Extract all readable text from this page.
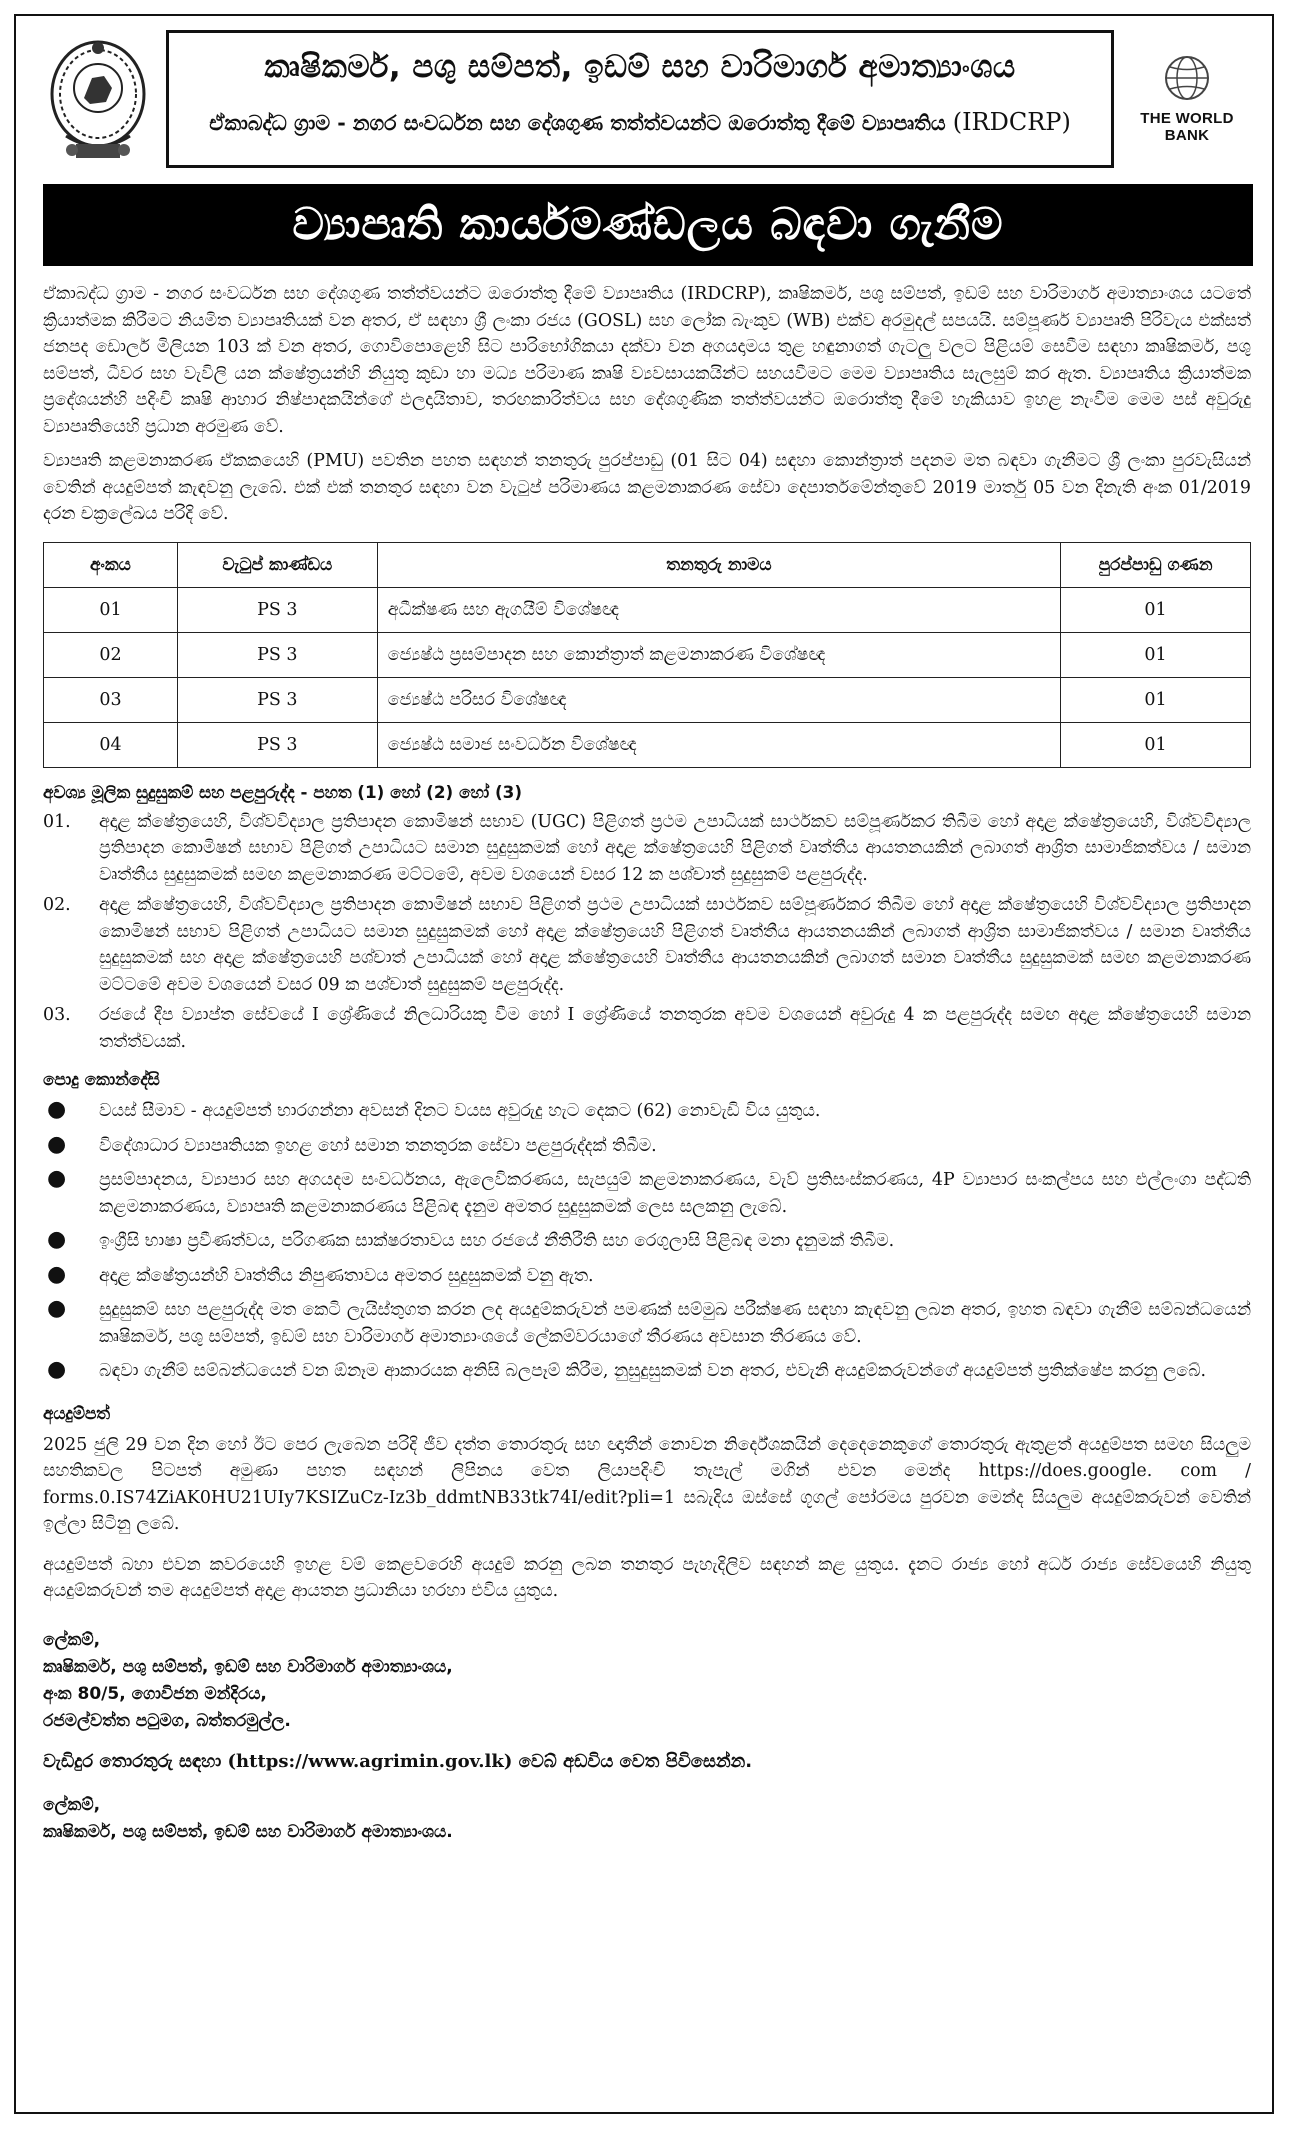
කෘෂිකර්ම, පශු සම්පත්, ඉඩම් සහ වාරිමාර්ග අමාත්‍යාංශය
ඒකාබද්ධ ග්‍රාම - නගර සංවර්ධන සහ දේශගුණ තත්ත්වයන්ට ඔරොත්තු දීමේ ව්‍යාපෘතිය (IRDCRP)	THE WORLD BANK
ව්‍යාපෘති කාර්යමණ්ඩලය බඳවා ගැනීම

ඒකාබද්ධ ග්‍රාම - නගර සංවර්ධන සහ දේශගුණ තත්ත්වයන්ට ඔරොත්තු දීමේ ව්‍යාපෘතිය (IRDCRP), කෘෂිකර්ම, පශු සම්පත්, ඉඩම් සහ වාරිමාර්ග අමාත්‍යාංශය යටතේ ක්‍රියාත්මක කිරීමට නියමිත ව්‍යාපෘතියක් වන අතර, ඒ සඳහා ශ්‍රී ලංකා රජය (GOSL) සහ ලෝක බැංකුව (WB) එක්ව අරමුදල් සපයයි. සම්පූර්ණ ව්‍යාපෘති පිරිවැය එක්සත් ජනපද ඩොලර් මිලියන 103 ක් වන අතර, ගොවිපොළෙහි සිට පාරිභෝගිකයා දක්වා වන අගයදාමය තුළ හඳුනාගත් ගැටලු වලට පිළියම් සෙවීම සඳහා කෘෂිකර්ම, පශු සම්පත්, ධීවර සහ වැවිලි යන ක්ෂේත්‍රයන්හි නියුතු කුඩා හා මධ්‍ය පරිමාණ කෘෂි ව්‍යවසායකයින්ට සහයවීමට මෙම ව්‍යාපෘතිය සැලසුම් කර ඇත. ව්‍යාපෘතිය ක්‍රියාත්මක ප්‍රදේශයන්හි පදිංචි කෘෂි ආහාර නිෂ්පාදකයින්ගේ ඵලදායිතාව, තරඟකාරිත්වය සහ දේශගුණික තත්ත්වයන්ට ඔරොත්තු දීමේ හැකියාව ඉහළ නැංවීම මෙම පස් අවුරුදු ව්‍යාපෘතියෙහි ප්‍රධාන අරමුණ වේ.

ව්‍යාපෘති කළමනාකරණ ඒකකයෙහි (PMU) පවතින පහත සඳහන් තනතුරු පුරප්පාඩු (01 සිට 04) සඳහා කොන්ත්‍රාත් පදනම මත බඳවා ගැනීමට ශ්‍රී ලංකා පුරවැසියන් වෙතින් අයදුම්පත් කැඳවනු ලැබේ. එක් එක් තනතුර සඳහා වන වැටුප් පරිමාණය කළමනාකරණ සේවා දෙපාර්තමේන්තුවේ 2019 මාර්තු 05 වන දිනැති අංක 01/2019 දරන චක්‍රලේඛය පරිදි වේ.

අංකය	වැටුප් කාණ්ඩය	තනතුරු නාමය	පුරප්පාඩු ගණන
01	PS 3	අධීක්ෂණ සහ ඇගයීම් විශේෂඥ	01
02	PS 3	ජ්‍යෙෂ්ඨ ප්‍රසම්පාදන සහ කොන්ත්‍රාත් කළමනාකරණ විශේෂඥ	01
03	PS 3	ජ්‍යෙෂ්ඨ පරිසර විශේෂඥ	01
04	PS 3	ජ්‍යෙෂ්ඨ සමාජ සංවර්ධන විශේෂඥ	01
අවශ්‍ය මූලික සුදුසුකම් සහ පළපුරුද්ද - පහත (1) හෝ (2) හෝ (3)
01.	අදාළ ක්ෂේත්‍රයෙහි, විශ්වවිද්‍යාල ප්‍රතිපාදන කොමිෂන් සභාව (UGC) පිළිගත් ප්‍රථම උපාධියක් සාර්ථකව සම්පූර්ණකර තිබීම හෝ අදාළ ක්ෂේත්‍රයෙහි, විශ්වවිද්‍යාල ප්‍රතිපාදන කොමිෂන් සභාව පිළිගත් උපාධියට සමාන සුදුසුකමක් හෝ අදාළ ක්ෂේත්‍රයෙහි පිළිගත් වෘත්තීය ආයතනයකින් ලබාගත් ආශ්‍රිත සාමාජිකත්වය / සමාන වෘත්තීය සුදුසුකමක් සමඟ කළමනාකරණ මට්ටමේ, අවම වශයෙන් වසර 12 ක පශ්චාත් සුදුසුකම් පළපුරුද්ද.
02.	අදාළ ක්ෂේත්‍රයෙහි, විශ්වවිද්‍යාල ප්‍රතිපාදන කොමිෂන් සභාව පිළිගත් ප්‍රථම උපාධියක් සාර්ථකව සම්පූර්ණකර තිබීම හෝ අදාළ ක්ෂේත්‍රයෙහි විශ්වවිද්‍යාල ප්‍රතිපාදන කොමිෂන් සභාව පිළිගත් උපාධියට සමාන සුදුසුකමක් හෝ අදාළ ක්ෂේත්‍රයෙහි පිළිගත් වෘත්තීය ආයතනයකින් ලබාගත් ආශ්‍රිත සාමාජිකත්වය / සමාන වෘත්තීය සුදුසුකමක් සහ අදාළ ක්ෂේත්‍රයෙහි පශ්චාත් උපාධියක් හෝ අදාළ ක්ෂේත්‍රයෙහි වෘත්තීය ආයතනයකින් ලබාගත් සමාන වෘත්තීය සුදුසුකමක් සමඟ කළමනාකරණ මට්ටමේ අවම වශයෙන් වසර 09 ක පශ්චාත් සුදුසුකම් පළපුරුද්ද.
03.	රජයේ දීප ව්‍යාප්ත සේවයේ I ශ්‍රේණියේ නිලධාරියකු වීම හෝ I ශ්‍රේණියේ තනතුරක අවම වශයෙන් අවුරුදු 4 ක පළපුරුද්ද සමඟ අදාළ ක්ෂේත්‍රයෙහි සමාන තත්ත්වයක්.
පොදු කොන්දේසි
●	වයස් සීමාව - අයදුම්පත් භාරගන්නා අවසන් දිනට වයස අවුරුදු හැට දෙකට (62) නොවැඩි විය යුතුය.
●	විදේශාධාර ව්‍යාපෘතියක ඉහළ හෝ සමාන තනතුරක සේවා පළපුරුද්දක් තිබීම.
●	ප්‍රසම්පාදනය, ව්‍යාපාර සහ අගයදම සංවර්ධනය, ඇලෙවිකරණය, සැපයුම් කළමනාකරණය, වැව් ප්‍රතිසංස්කරණය, 4P ව්‍යාපාර සංකල්පය සහ එල්ලංගා පද්ධති කළමනාකරණය, ව්‍යාපෘති කළමනාකරණය පිළිබඳ දැනුම අමතර සුදුසුකමක් ලෙස සලකනු ලැබේ.
●	ඉංග්‍රීසි භාෂා ප්‍රවීණත්වය, පරිගණක සාක්ෂරතාවය සහ රජයේ නීතිරීති සහ රෙගුලාසි පිළිබඳ මනා දැනුමක් තිබීම.
●	අදාළ ක්ෂේත්‍රයන්හි වෘත්තීය නිපුණතාවය අමතර සුදුසුකමක් වනු ඇත.
●	සුදුසුකම් සහ පළපුරුද්ද මත කෙටි ලැයිස්තුගත කරන ලද අයදුම්කරුවන් පමණක් සම්මුඛ පරීක්ෂණ සඳහා කැඳවනු ලබන අතර, ඉහත බඳවා ගැනීම් සම්බන්ධයෙන් කෘෂිකර්ම, පශු සම්පත්, ඉඩම් සහ වාරිමාර්ග අමාත්‍යාංශයේ ලේකම්වරයාගේ තීරණය අවසාන තීරණය වේ.
●	බඳවා ගැනීම් සම්බන්ධයෙන් වන ඕනෑම ආකාරයක අනිසි බලපෑම් කිරීම, නුසුදුසුකමක් වන අතර, එවැනි අයදුම්කරුවන්ගේ අයදුම්පත් ප්‍රතික්ෂේප කරනු ලබේ.
අයදුම්පත්

2025 ජුලි 29 වන දින හෝ ඊට පෙර ලැබෙන පරිදි ජීව දත්ත තොරතුරු සහ ඥාතීන් නොවන නිර්දේශකයින් දෙදෙනෙකුගේ තොරතුරු ඇතුළත් අයදුම්පත සමඟ සියලුම සහතිකවල පිටපත් අමුණා පහත සඳහන් ලිපිනය වෙත ලියාපදිංචි තැපැල් මගින් එවන මෙන්ද https://does.google. com / forms.0.IS74ZiAK0HU21UIy7KSIZuCz-Iz3b_ddmtNB33tk74I/edit?pli=1 සබැදිය ඔස්සේ ගූගල් පෝරමය පුරවන මෙන්ද සියලුම අයදුම්කරුවන් වෙතින් ඉල්ලා සිටිනු ලබේ.

අයදුම්පත් බහා එවන කවරයෙහි ඉහළ වම් කෙළවරෙහි අයදුම් කරනු ලබන තනතුර පැහැදිලිව සඳහන් කළ යුතුය. දැනට රාජ්‍ය හෝ අර්ධ රාජ්‍ය සේවයෙහි නියුතු අයදුම්කරුවන් තම අයදුම්පත් අදාළ ආයතන ප්‍රධානියා හරහා එවිය යුතුය.

ලේකම්,
කෘෂිකර්ම, පශු සම්පත්, ඉඩම් සහ වාරිමාර්ග අමාත්‍යාංශය,
අංක 80/5, ගොවිජන මන්දිරය,
රජමල්වත්ත පටුමග, බත්තරමුල්ල.
වැඩිදුර තොරතුරු සඳහා (https://www.agrimin.gov.lk) වෙබ් අඩවිය වෙත පිවිසෙන්න.
ලේකම්,
කෘෂිකර්ම, පශු සම්පත්, ඉඩම් සහ වාරිමාර්ග අමාත්‍යාංශය.
